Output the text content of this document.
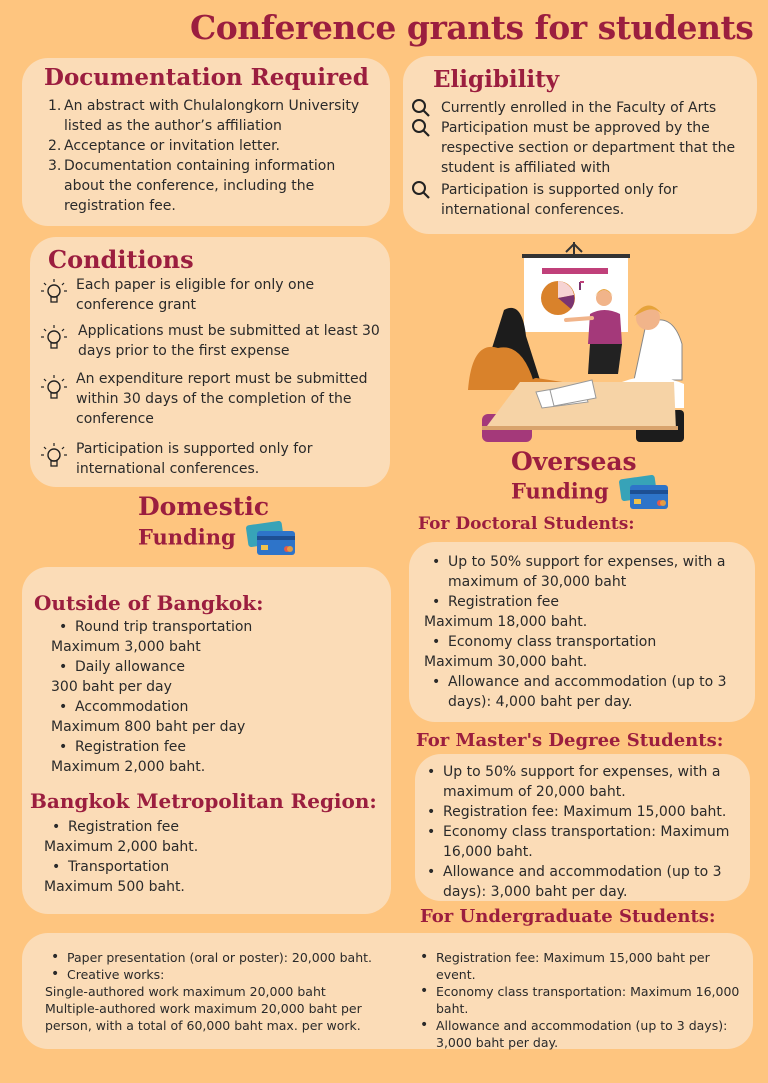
Conference grants for students
Documentation Required
1. An abstract with Chulalongkorn University listed as the author’s affiliation
2. Acceptance or invitation letter.
3. Documentation containing information about the conference, including the registration fee.
Eligibility
Currently enrolled in the Faculty of Arts
Participation must be approved by the respective section or department that the student is affiliated with
Participation is supported only for international conferences.
Conditions
Each paper is eligible for only one conference grant
Applications must be submitted at least 30 days prior to the first expense
An expenditure report must be submitted within 30 days of the completion of the conference
Participation is supported only for international conferences.
Domestic
Funding
Outside of Bangkok:
• Round trip transportation
Maximum 3,000 baht
• Daily allowance
300 baht per day
• Accommodation
Maximum 800 baht per day
• Registration fee
Maximum 2,000 baht.
Bangkok Metropolitan Region:
• Registration fee
Maximum 2,000 baht.
• Transportation
Maximum 500 baht.
Overseas
Funding
For Doctoral Students:
• Up to 50% support for expenses, with a maximum of 30,000 baht
• Registration fee
Maximum 18,000 baht.
• Economy class transportation
Maximum 30,000 baht.
• Allowance and accommodation (up to 3 days): 4,000 baht per day.
For Master's Degree Students:
• Up to 50% support for expenses, with a maximum of 20,000 baht.
• Registration fee: Maximum 15,000 baht.
• Economy class transportation: Maximum 16,000 baht.
• Allowance and accommodation (up to 3 days): 3,000 baht per day.
For Undergraduate Students:
• Paper presentation (oral or poster): 20,000 baht.
• Creative works:
Single-authored work maximum 20,000 baht
Multiple-authored work maximum 20,000 baht per person, with a total of 60,000 baht max. per work.
• Registration fee: Maximum 15,000 baht per event.
• Economy class transportation: Maximum 16,000 baht.
• Allowance and accommodation (up to 3 days): 3,000 baht per day.
